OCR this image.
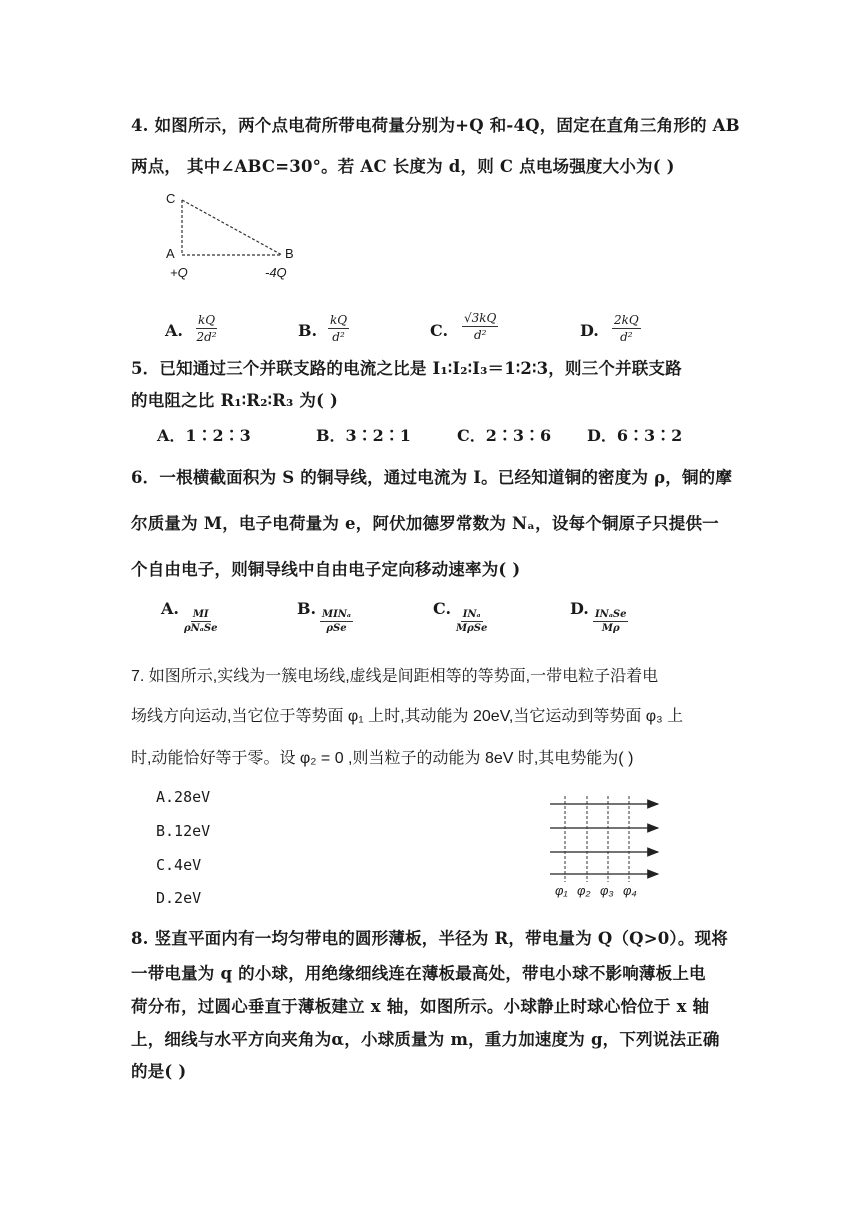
4. 如图所示，两个点电荷所带电荷量分别为+Q 和-4Q，固定在直角三角形的 AB
两点， 其中∠ABC=30°。若 AC 长度为 d，则 C 点电场强度大小为( )
C
A	B
+Q	-4Q
A. $\frac{kQ}{\text{2d²}}$	B. $\frac{kQ}{\text{d²}}$	C. $\frac{√3kQ}{\text{d²}}$	D. $\frac{2kQ}{\text{d²}}$
5．已知通过三个并联支路的电流之比是 I₁∶I₂∶I₃＝1∶2∶3，则三个并联支路
的电阻之比 R₁∶R₂∶R₃ 为( )
A．1∶2∶3	B．3∶2∶1	C．2∶3∶6 D．6∶3∶2
6．一根横截面积为 S 的铜导线，通过电流为 I。已经知道铜的密度为 ρ，铜的摩
尔质量为 M，电子电荷量为 e，阿伏加德罗常数为 Nₐ，设每个铜原子只提供一
个自由电子，则铜导线中自由电子定向移动速率为( )
A. MI
ρNₐSe
B. MINₐ
ρSe
C. INₐ
MρSe
D. INₐSe
Mρ
7. 如图所示,实线为一簇电场线,虚线是间距相等的等势面,一带电粒子沿着电
场线方向运动,当它位于等势面 φ₁ 上时,其动能为 20eV,当它运动到等势面 φ₃ 上
时,动能恰好等于零。设 φ₂ = 0 ,则当粒子的动能为 8eV 时,其电势能为( )
A.28eV
B.12eV
C.4eV
D.2eV	φ₁ φ₂ φ₃ φ₄
8. 竖直平面内有一均匀带电的圆形薄板，半径为 R，带电量为 Q（Q>0）。现将
一带电量为 q 的小球，用绝缘细线连在薄板最高处，带电小球不影响薄板上电
荷分布，过圆心垂直于薄板建立 x 轴，如图所示。小球静止时球心恰位于 x 轴
上，细线与水平方向夹角为α，小球质量为 m，重力加速度为 g，下列说法正确
的是( )
